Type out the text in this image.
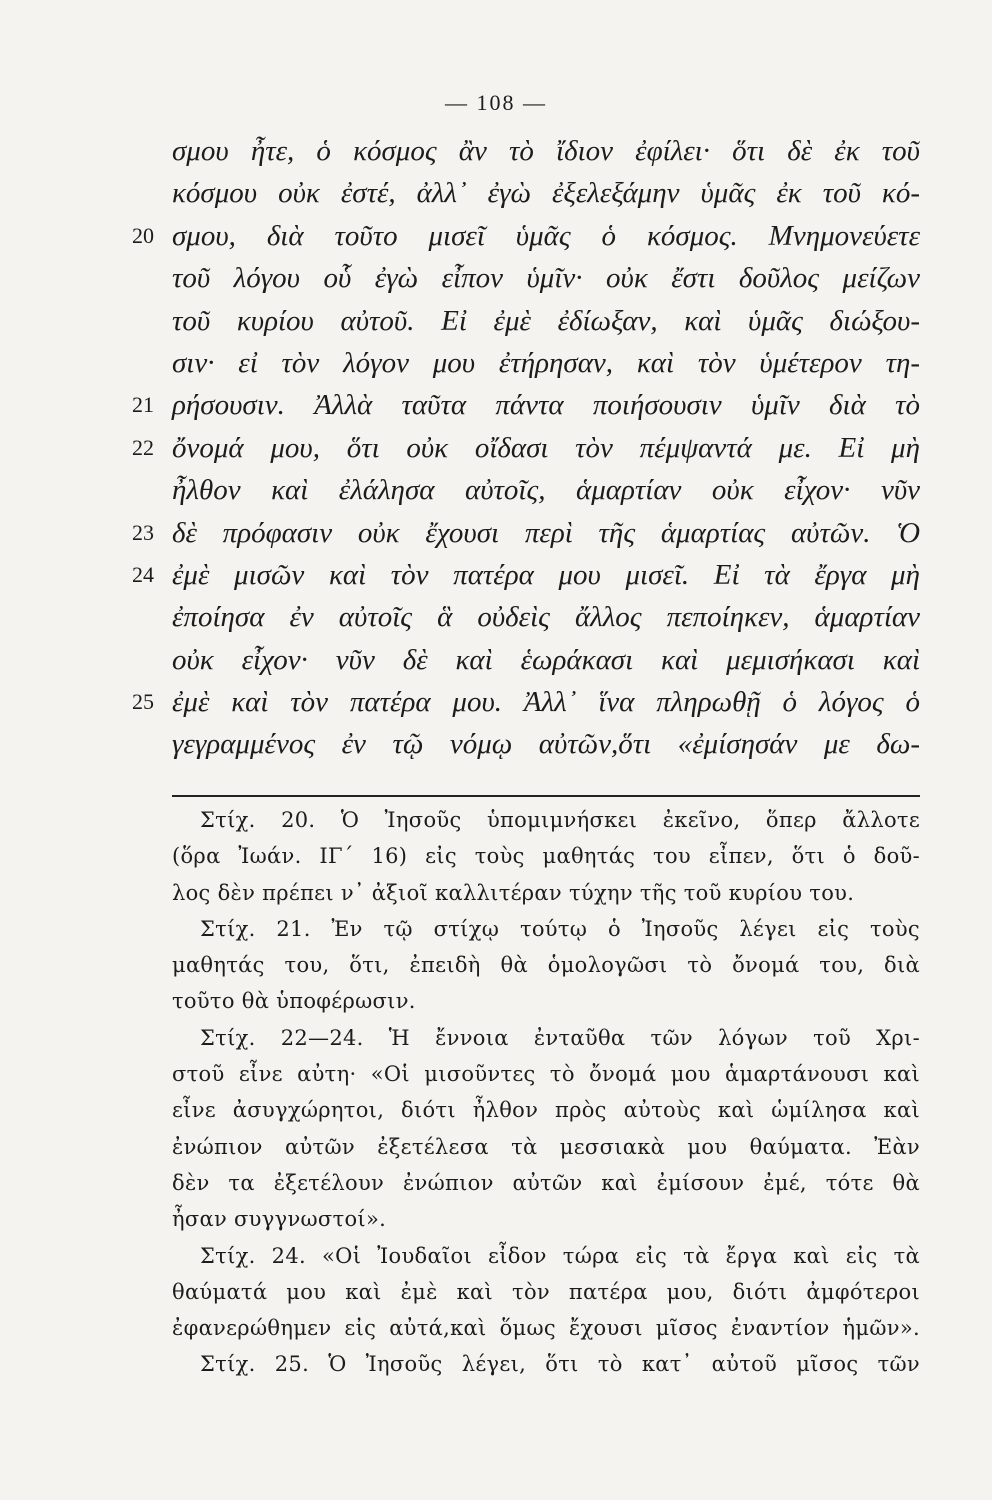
— 108 —
σμου ἦτε, ὁ κόσμος ἂν τὸ ἴδιον ἐφίλει· ὅτι δὲ ἐκ τοῦ
κόσμου οὐκ ἐστέ, ἀλλ᾽ ἐγὼ ἐξελεξάμην ὑμᾶς ἐκ τοῦ κό-
20 σμου, διὰ τοῦτο μισεῖ ὑμᾶς ὁ κόσμος. Μνημονεύετε
τοῦ λόγου οὗ ἐγὼ εἶπον ὑμῖν· οὐκ ἔστι δοῦλος μείζων
τοῦ κυρίου αὐτοῦ. Εἰ ἐμὲ ἐδίωξαν, καὶ ὑμᾶς διώξου-
σιν· εἰ τὸν λόγον μου ἐτήρησαν, καὶ τὸν ὑμέτερον τη-
21 ρήσουσιν. Ἀλλὰ ταῦτα πάντα ποιήσουσιν ὑμῖν διὰ τὸ
22 ὄνομά μου, ὅτι οὐκ οἴδασι τὸν πέμψαντά με. Εἰ μὴ
ἦλθον καὶ ἐλάλησα αὐτοῖς, ἁμαρτίαν οὐκ εἶχον· νῦν
23 δὲ πρόφασιν οὐκ ἔχουσι περὶ τῆς ἁμαρτίας αὐτῶν. Ὁ
24 ἐμὲ μισῶν καὶ τὸν πατέρα μου μισεῖ. Εἰ τὰ ἔργα μὴ
ἐποίησα ἐν αὐτοῖς ἃ οὐδεὶς ἄλλος πεποίηκεν, ἁμαρτίαν
οὐκ εἶχον· νῦν δὲ καὶ ἑωράκασι καὶ μεμισήκασι καὶ
25 ἐμὲ καὶ τὸν πατέρα μου. Ἀλλ᾽ ἵνα πληρωθῇ ὁ λόγος ὁ
γεγραμμένος ἐν τῷ νόμῳ αὐτῶν,ὅτι «ἐμίσησάν με δω-
Στίχ. 20. Ὁ Ἰησοῦς ὑπομιμνήσκει ἐκεῖνο, ὅπερ ἄλλοτε
(ὅρα Ἰωάν. ΙΓ΄ 16) εἰς τοὺς μαθητάς του εἶπεν, ὅτι ὁ δοῦ-
λος δὲν πρέπει ν᾽ ἀξιοῖ καλλιτέραν τύχην τῆς τοῦ κυρίου του.
Στίχ. 21. Ἐν τῷ στίχῳ τούτῳ ὁ Ἰησοῦς λέγει εἰς τοὺς
μαθητάς του, ὅτι, ἐπειδὴ θὰ ὁμολογῶσι τὸ ὄνομά του, διὰ
τοῦτο θὰ ὑποφέρωσιν.
Στίχ. 22—24. Ἡ ἔννοια ἐνταῦθα τῶν λόγων τοῦ Χρι-
στοῦ εἶνε αὐτη· «Οἱ μισοῦντες τὸ ὄνομά μου ἁμαρτάνουσι καὶ
εἶνε ἀσυγχώρητοι, διότι ἦλθον πρὸς αὐτοὺς καὶ ὡμίλησα καὶ
ἐνώπιον αὐτῶν ἐξετέλεσα τὰ μεσσιακὰ μου θαύματα. Ἐὰν
δὲν τα ἐξετέλουν ἐνώπιον αὐτῶν καὶ ἐμίσουν ἐμέ, τότε θὰ
ἦσαν συγγνωστοί».
Στίχ. 24. «Οἱ Ἰουδαῖοι εἶδον τώρα εἰς τὰ ἔργα καὶ εἰς τὰ
θαύματά μου καὶ ἐμὲ καὶ τὸν πατέρα μου, διότι ἀμφότεροι
ἐφανερώθημεν εἰς αὐτά,καὶ ὅμως ἔχουσι μῖσος ἐναντίον ἡμῶν».
Στίχ. 25. Ὁ Ἰησοῦς λέγει, ὅτι τὸ κατ᾽ αὐτοῦ μῖσος τῶν
